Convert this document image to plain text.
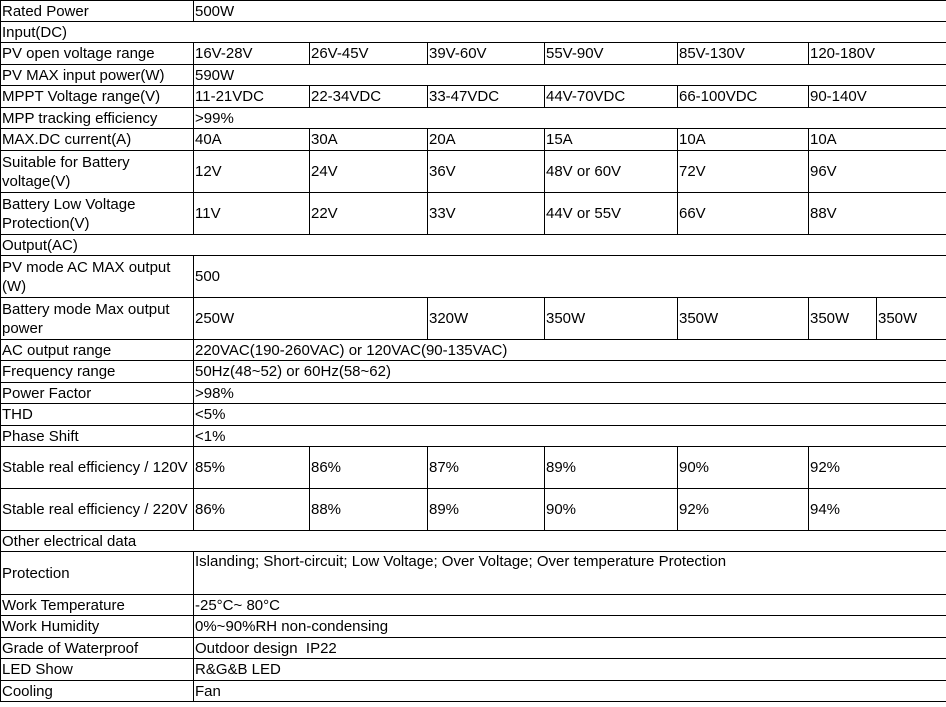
Rated Power	500W						
Input(DC)							
PV open voltage range	16V-28V	26V-45V	39V-60V	55V-90V	85V-130V	120-180V	
PV MAX input power(W)	590W						
MPPT Voltage range(V)	11-21VDC	22-34VDC	33-47VDC	44V-70VDC	66-100VDC	90-140V	
MPP tracking efficiency	>99%						
MAX.DC current(A)	40A	30A	20A	15A	10A	10A	
Suitable for Battery voltage(V)	12V	24V	36V	48V or 60V	72V	96V	
Battery Low Voltage Protection(V)	11V	22V	33V	44V or 55V	66V	88V	
Output(AC)							
PV mode AC MAX output (W)	500						
Battery mode Max output power	250W		320W	350W	350W	350W	350W
AC output range	220VAC(190-260VAC) or 120VAC(90-135VAC)						
Frequency range	50Hz(48~52) or 60Hz(58~62)						
Power Factor	>98%						
THD	<5%						
Phase Shift	<1%						
Stable real efficiency / 120V	85%	86%	87%	89%	90%	92%	
Stable real efficiency / 220V	86%	88%	89%	90%	92%	94%	
Other electrical data							
Protection	Islanding; Short-circuit; Low Voltage; Over Voltage; Over temperature Protection						
Work Temperature	-25°C~ 80°C						
Work Humidity	0%~90%RH non-condensing						
Grade of Waterproof	Outdoor design  IP22						
LED Show	R&G&B LED						
Cooling	Fan						
